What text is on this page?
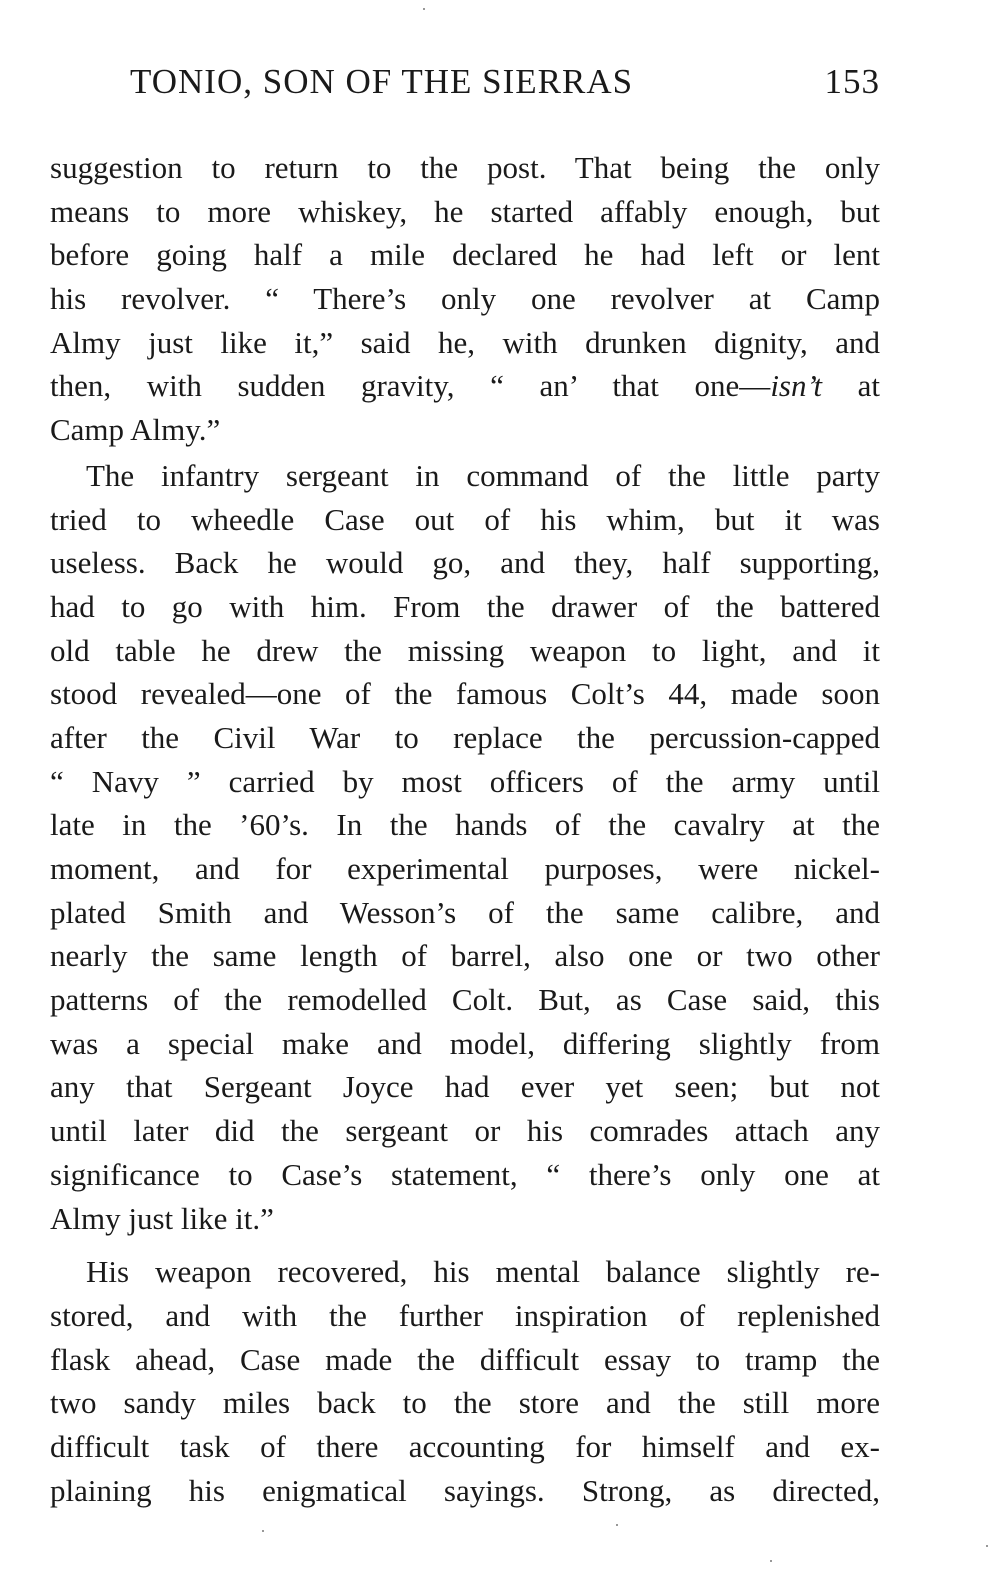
TONIO, SON OF THE SIERRAS	153
suggestion to return to the post. That being the only
means to more whiskey, he started affably enough, but
before going half a mile declared he had left or lent
his revolver. “ There’s only one revolver at Camp
Almy just like it,” said he, with drunken dignity, and
then, with sudden gravity, “ an’ that one—isn’t at
Camp Almy.”
The infantry sergeant in command of the little party
tried to wheedle Case out of his whim, but it was
useless. Back he would go, and they, half supporting,
had to go with him. From the drawer of the battered
old table he drew the missing weapon to light, and it
stood revealed—one of the famous Colt’s 44, made soon
after the Civil War to replace the percussion-capped
“ Navy ” carried by most officers of the army until
late in the ’60’s. In the hands of the cavalry at the
moment, and for experimental purposes, were nickel-
plated Smith and Wesson’s of the same calibre, and
nearly the same length of barrel, also one or two other
patterns of the remodelled Colt. But, as Case said, this
was a special make and model, differing slightly from
any that Sergeant Joyce had ever yet seen; but not
until later did the sergeant or his comrades attach any
significance to Case’s statement, “ there’s only one at
Almy just like it.”
His weapon recovered, his mental balance slightly re-
stored, and with the further inspiration of replenished
flask ahead, Case made the difficult essay to tramp the
two sandy miles back to the store and the still more
difficult task of there accounting for himself and ex-
plaining his enigmatical sayings. Strong, as directed,
